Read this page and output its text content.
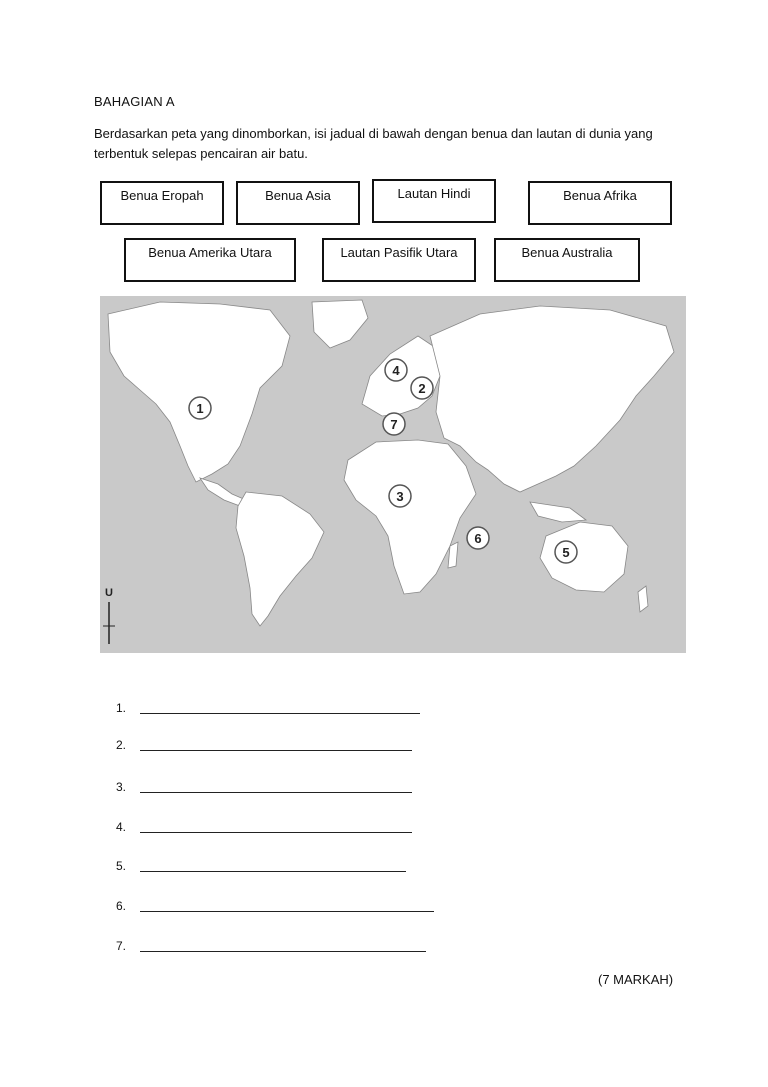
BAHAGIAN A
Berdasarkan peta yang dinomborkan, isi jadual di bawah dengan benua dan lautan di dunia yang terbentuk selepas pencairan air batu.
Benua Eropah	Benua Asia	Lautan Hindi	Benua Afrika
Benua Amerika Utara	Lautan Pasifik Utara	Benua Australia
1
2
3
4
5
6
7
U
1.
2.
3.
4.
5.
6.
7.
(7 MARKAH)
